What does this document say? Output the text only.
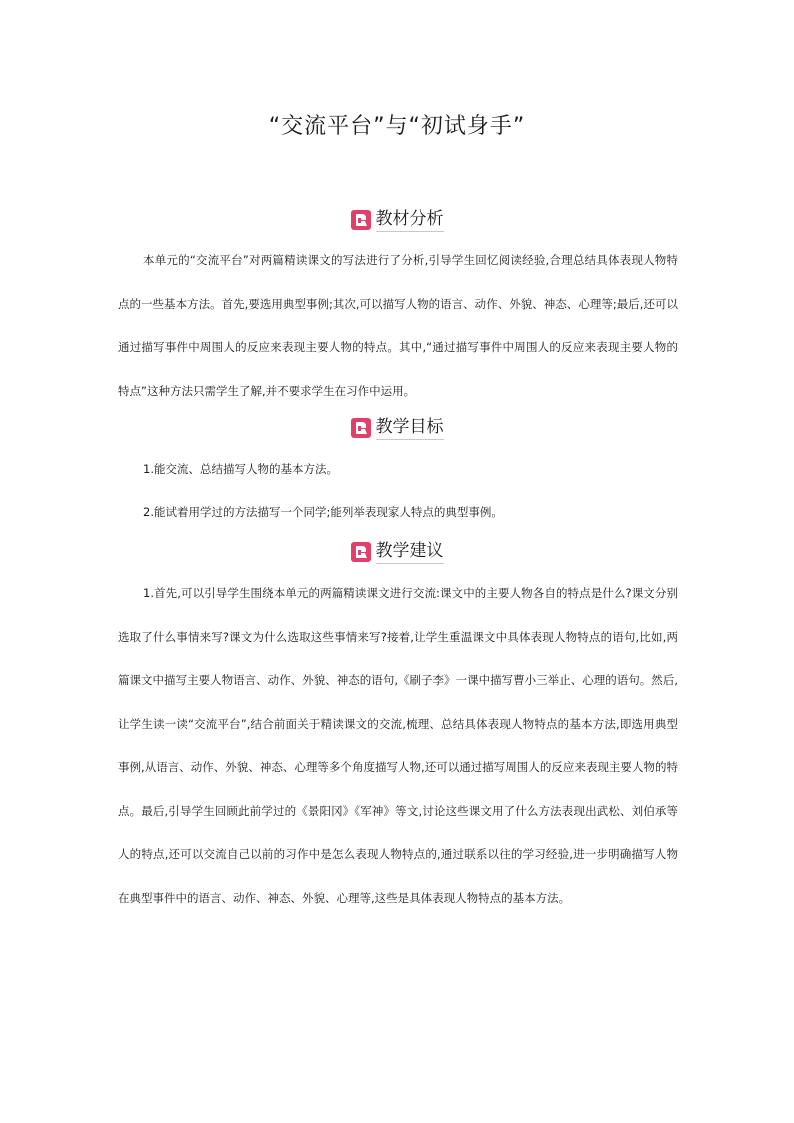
“交流平台”与“初试身手”
教材分析

本单元的“交流平台”对两篇精读课文的写法进行了分析,引导学生回忆阅读经验,合理总结具体表现人物特点的一些基本方法。首先,要选用典型事例;其次,可以描写人物的语言、动作、外貌、神态、心理等;最后,还可以通过描写事件中周围人的反应来表现主要人物的特点。其中,“通过描写事件中周围人的反应来表现主要人物的特点”这种方法只需学生了解,并不要求学生在习作中运用。

教学目标
1.能交流、总结描写人物的基本方法。
2.能试着用学过的方法描写一个同学;能列举表现家人特点的典型事例。
教学建议

1.首先,可以引导学生围绕本单元的两篇精读课文进行交流:课文中的主要人物各自的特点是什么?课文分别选取了什么事情来写?课文为什么选取这些事情来写?接着,让学生重温课文中具体表现人物特点的语句,比如,两篇课文中描写主要人物语言、动作、外貌、神态的语句,《刷子李》一课中描写曹小三举止、心理的语句。然后,让学生读一读“交流平台”,结合前面关于精读课文的交流,梳理、总结具体表现人物特点的基本方法,即选用典型事例,从语言、动作、外貌、神态、心理等多个角度描写人物,还可以通过描写周围人的反应来表现主要人物的特点。最后,引导学生回顾此前学过的《景阳冈》《军神》等文,讨论这些课文用了什么方法表现出武松、刘伯承等人的特点,还可以交流自己以前的习作中是怎么表现人物特点的,通过联系以往的学习经验,进一步明确描写人物在典型事件中的语言、动作、神态、外貌、心理等,这些是具体表现人物特点的基本方法。
